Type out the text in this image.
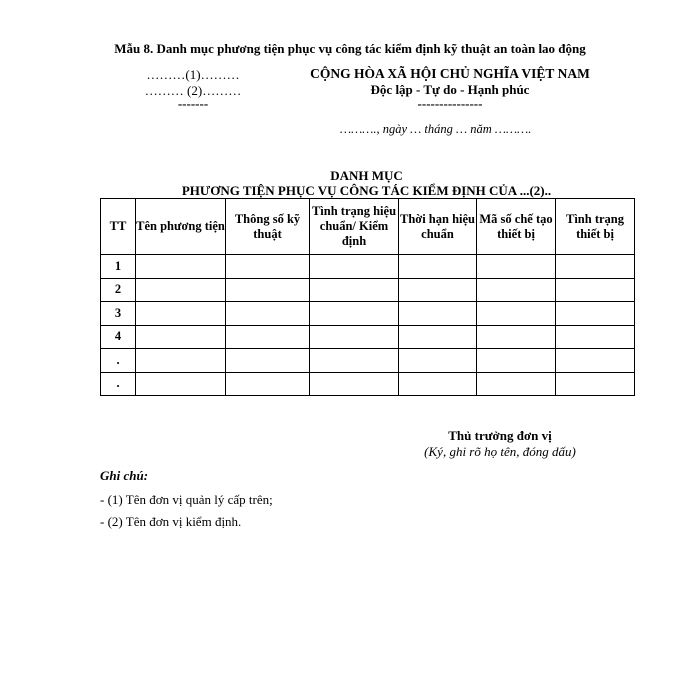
Mẫu 8. Danh mục phương tiện phục vụ công tác kiểm định kỹ thuật an toàn lao động
………(1)………
……… (2)………
-------
CỘNG HÒA XÃ HỘI CHỦ NGHĨA VIỆT NAM
Độc lập - Tự do - Hạnh phúc
---------------
………., ngày … tháng … năm ……….
DANH MỤC
PHƯƠNG TIỆN PHỤC VỤ CÔNG TÁC KIỂM ĐỊNH CỦA ...(2)..
TT	Tên phương tiện	Thông số kỹ thuật	Tình trạng hiệu chuẩn/ Kiểm định	Thời hạn hiệu chuẩn	Mã số chế tạo thiết bị	Tình trạng thiết bị
1						
2						
3						
4						
.						
.						
Thủ trưởng đơn vị
(Ký, ghi rõ họ tên, đóng dấu)
Ghi chú:
- (1) Tên đơn vị quản lý cấp trên;
- (2) Tên đơn vị kiểm định.
